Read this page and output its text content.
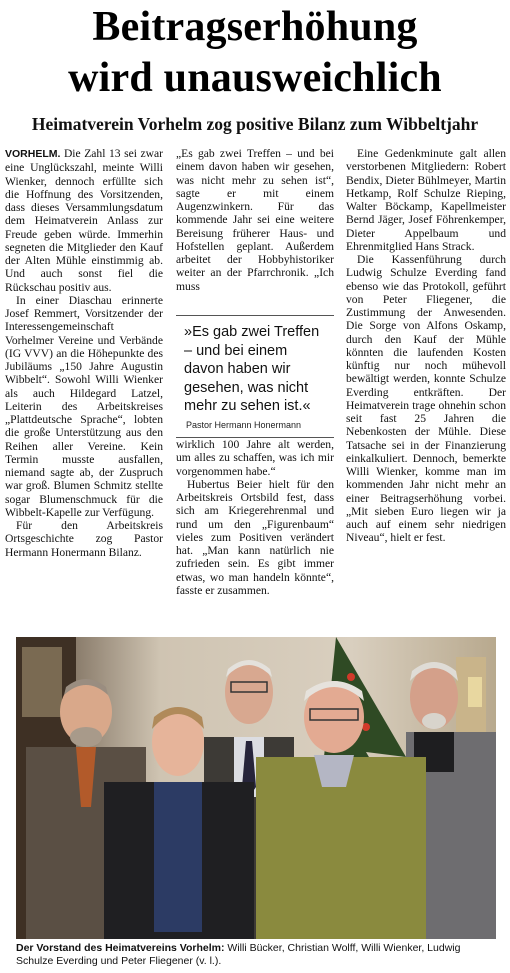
Beitragserhöhung
wird unausweichlich
Heimatverein Vorhelm zog positive Bilanz zum Wibbeltjahr

VORHELM. Die Zahl 13 sei zwar eine Unglückszahl, meinte Willi Wienker, dennoch erfüllte sich die Hoffnung des Vorsitzenden, dass dieses Versammlungsdatum dem Heimatverein Anlass zur Freude geben würde. Immerhin segneten die Mitglieder den Kauf der Alten Mühle einstimmig ab. Und auch sonst fiel die Rückschau positiv aus.

In einer Diaschau erinnerte Josef Remmert, Vorsitzender der Interessengemeinschaft Vorhelmer Vereine und Verbände (IG VVV) an die Höhepunkte des Jubiläums „150 Jahre Augustin Wibbelt“. Sowohl Willi Wienker als auch Hildegard Latzel, Leiterin des Arbeitskreises „Plattdeutsche Sprache“, lobten die große Unterstützung aus den Reihen aller Vereine. Kein Termin musste ausfallen, niemand sagte ab, der Zuspruch war groß. Blumen Schmitz stellte sogar Blumenschmuck für die Wibbelt-Kapelle zur Verfügung.

Für den Arbeitskreis Ortsgeschichte zog Pastor Hermann Honermann Bilanz.

„Es gab zwei Treffen – und bei einem davon haben wir gesehen, was nicht mehr zu sehen ist“, sagte er mit einem Augenzwinkern. Für das kommende Jahr sei eine weitere Bereisung früherer Haus- und Hofstellen geplant. Außerdem arbeitet der Hobbyhistoriker weiter an der Pfarrchronik. „Ich muss

»Es gab zwei Treffen – und bei einem davon haben wir gesehen, was nicht mehr zu sehen ist.«
Pastor Hermann Honermann

wirklich 100 Jahre alt werden, um alles zu schaffen, was ich mir vorgenommen habe.“

Hubertus Beier hielt für den Arbeitskreis Ortsbild fest, dass sich am Kriegerehrenmal und rund um den „Figurenbaum“ vieles zum Positiven verändert hat. „Man kann natürlich nie zufrieden sein. Es gibt immer etwas, wo man handeln könnte“, fasste er zusammen.

Eine Gedenkminute galt allen verstorbenen Mitgliedern: Robert Bendix, Dieter Bühlmeyer, Martin Hetkamp, Rolf Schulze Rieping, Walter Böckamp, Kapellmeister Bernd Jäger, Josef Föhrenkemper, Dieter Appelbaum und Ehrenmitglied Hans Strack.

Die Kassenführung durch Ludwig Schulze Everding fand ebenso wie das Protokoll, geführt von Peter Fliegener, die Zustimmung der Anwesenden. Die Sorge von Alfons Oskamp, durch den Kauf der Mühle könnten die laufenden Kosten künftig nur noch mühevoll bewältigt werden, konnte Schulze Everding entkräften. Der Heimatverein trage ohnehin schon seit fast 25 Jahren die Nebenkosten der Mühle. Diese Tatsache sei in der Finanzierung einkalkuliert. Dennoch, bemerkte Willi Wienker, komme man im kommenden Jahr nicht mehr an einer Beitragserhöhung vorbei. „Mit sieben Euro liegen wir ja auch auf einem sehr niedrigen Niveau“, hielt er fest.

Der Vorstand des Heimatvereins Vorhelm: Willi Bücker, Christian Wolff, Willi Wienker, Ludwig Schulze Everding und Peter Fliegener (v. l.).
